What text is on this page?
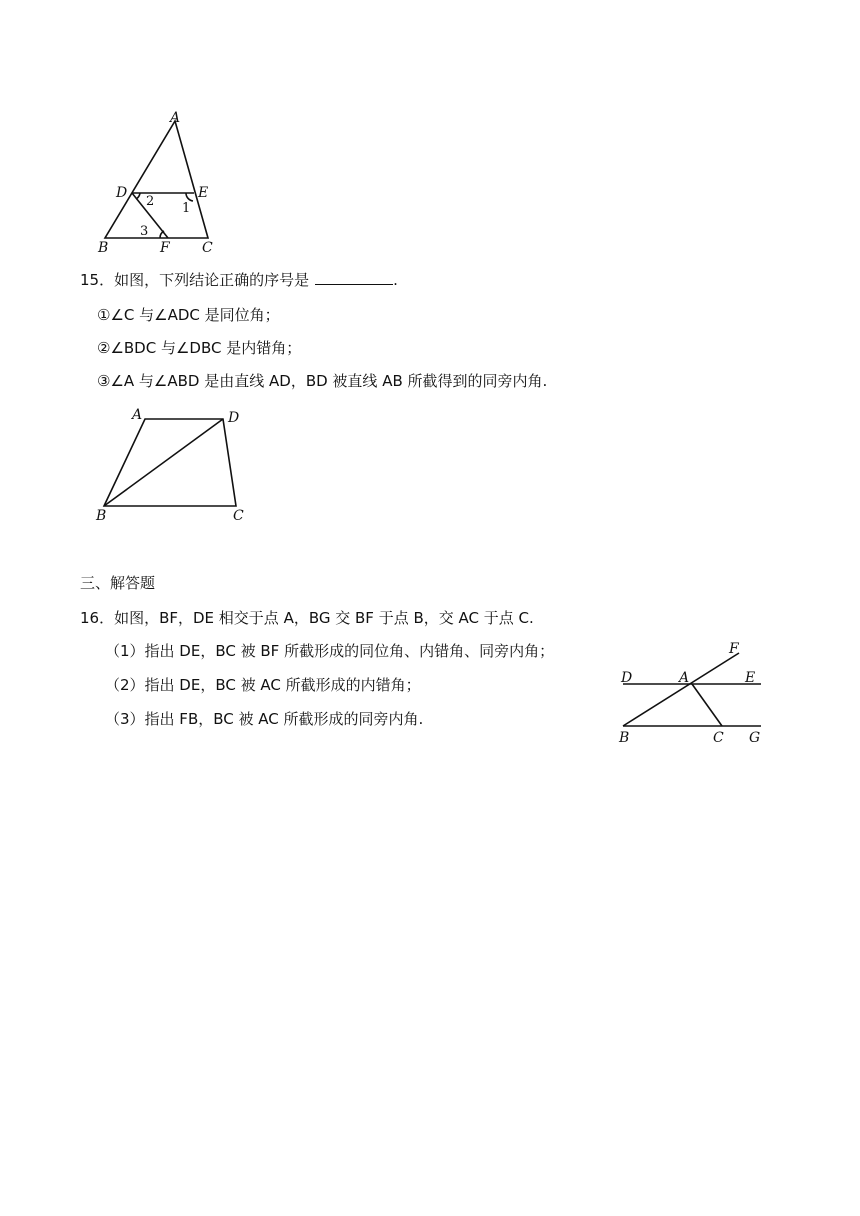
A
D	E
B	F C
2 1
3
15．如图，下列结论正确的序号是	.
①∠C 与∠ADC 是同位角；
②∠BDC 与∠DBC 是内错角；
③∠A 与∠ABD 是由直线 AD，BD 被直线 AB 所截得到的同旁内角.
A	D
B	C
三、解答题
16．如图，BF，DE 相交于点 A，BG 交 BF 于点 B，交 AC 于点 C.
（1）指出 DE，BC 被 BF 所截形成的同位角、内错角、同旁内角；
（2）指出 DE，BC 被 AC 所截形成的内错角；
（3）指出 FB，BC 被 AC 所截形成的同旁内角.
F
D	A	E
B	C G
